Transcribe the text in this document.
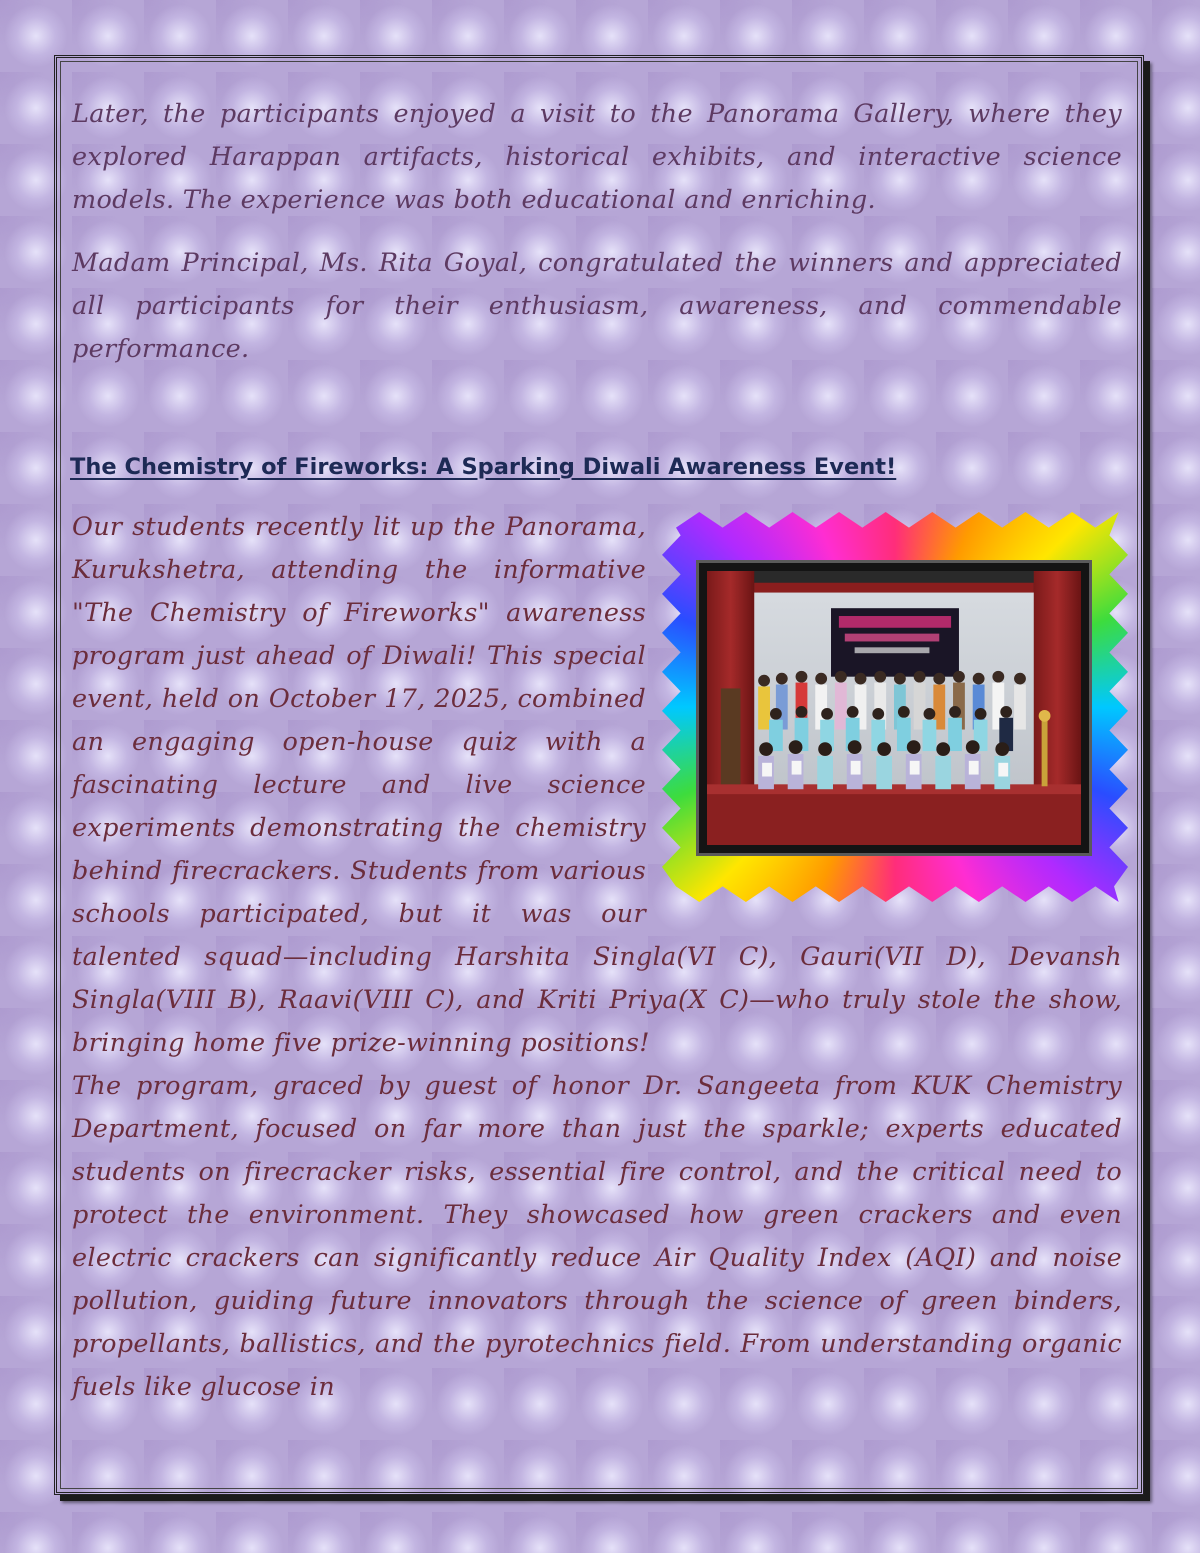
Later, the participants enjoyed a visit to the Panorama Gallery, where they explored Harappan artifacts, historical exhibits, and interactive science models. The experience was both educational and enriching.

Madam Principal, Ms. Rita Goyal, congratulated the winners and appreciated all participants for their enthusiasm, awareness, and commendable performance.

The Chemistry of Fireworks: A Sparking Diwali Awareness Event!

Our students recently lit up the Panorama, Kurukshetra, attending the informative "The Chemistry of Fireworks" awareness program just ahead of Diwali! This special event, held on October 17, 2025, combined an engaging open-house quiz with a fascinating lecture and live science experiments demonstrating the chemistry behind firecrackers. Students from various schools participated, but it was our talented squad—including Harshita Singla(VI C), Gauri(VII D), Devansh Singla(VIII B), Raavi(VIII C), and Kriti Priya(X C)—who truly stole the show, bringing home five prize-winning positions!

The program, graced by guest of honor Dr. Sangeeta from KUK Chemistry Department, focused on far more than just the sparkle; experts educated students on firecracker risks, essential fire control, and the critical need to protect the environment. They showcased how green crackers and even electric crackers can significantly reduce Air Quality Index (AQI) and noise pollution, guiding future innovators through the science of green binders, propellants, ballistics, and the pyrotechnics field. From understanding organic fuels like glucose in
